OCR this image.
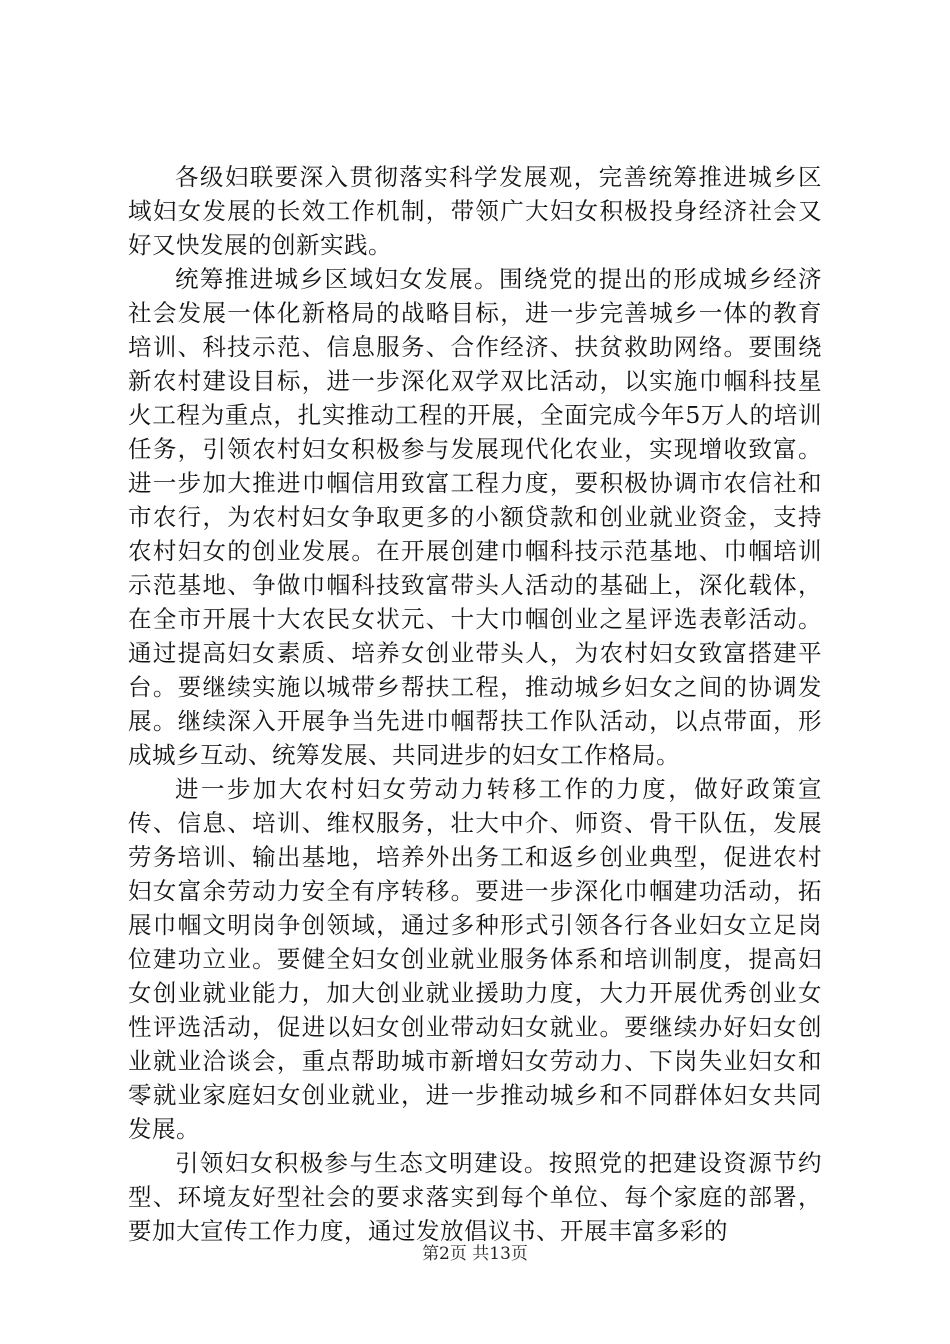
各级妇联要深入贯彻落实科学发展观，完善统筹推进城乡区域妇女发展的长效工作机制，带领广大妇女积极投身经济社会又好又快发展的创新实践。

统筹推进城乡区域妇女发展。围绕党的提出的形成城乡经济社会发展一体化新格局的战略目标，进一步完善城乡一体的教育培训、科技示范、信息服务、合作经济、扶贫救助网络。要围绕新农村建设目标，进一步深化双学双比活动，以实施巾帼科技星火工程为重点，扎实推动工程的开展，全面完成今年5万人的培训任务，引领农村妇女积极参与发展现代化农业，实现增收致富。进一步加大推进巾帼信用致富工程力度，要积极协调市农信社和市农行，为农村妇女争取更多的小额贷款和创业就业资金，支持农村妇女的创业发展。在开展创建巾帼科技示范基地、巾帼培训示范基地、争做巾帼科技致富带头人活动的基础上，深化载体，在全市开展十大农民女状元、十大巾帼创业之星评选表彰活动。通过提高妇女素质、培养女创业带头人，为农村妇女致富搭建平台。要继续实施以城带乡帮扶工程，推动城乡妇女之间的协调发展。继续深入开展争当先进巾帼帮扶工作队活动，以点带面，形成城乡互动、统筹发展、共同进步的妇女工作格局。

进一步加大农村妇女劳动力转移工作的力度，做好政策宣传、信息、培训、维权服务，壮大中介、师资、骨干队伍，发展劳务培训、输出基地，培养外出务工和返乡创业典型，促进农村妇女富余劳动力安全有序转移。要进一步深化巾帼建功活动，拓展巾帼文明岗争创领域，通过多种形式引领各行各业妇女立足岗位建功立业。要健全妇女创业就业服务体系和培训制度，提高妇女创业就业能力，加大创业就业援助力度，大力开展优秀创业女性评选活动，促进以妇女创业带动妇女就业。要继续办好妇女创业就业洽谈会，重点帮助城市新增妇女劳动力、下岗失业妇女和零就业家庭妇女创业就业，进一步推动城乡和不同群体妇女共同发展。

引领妇女积极参与生态文明建设。按照党的把建设资源节约型、环境友好型社会的要求落实到每个单位、每个家庭的部署，要加大宣传工作力度，通过发放倡议书、开展丰富多彩的

第2页 共13页
